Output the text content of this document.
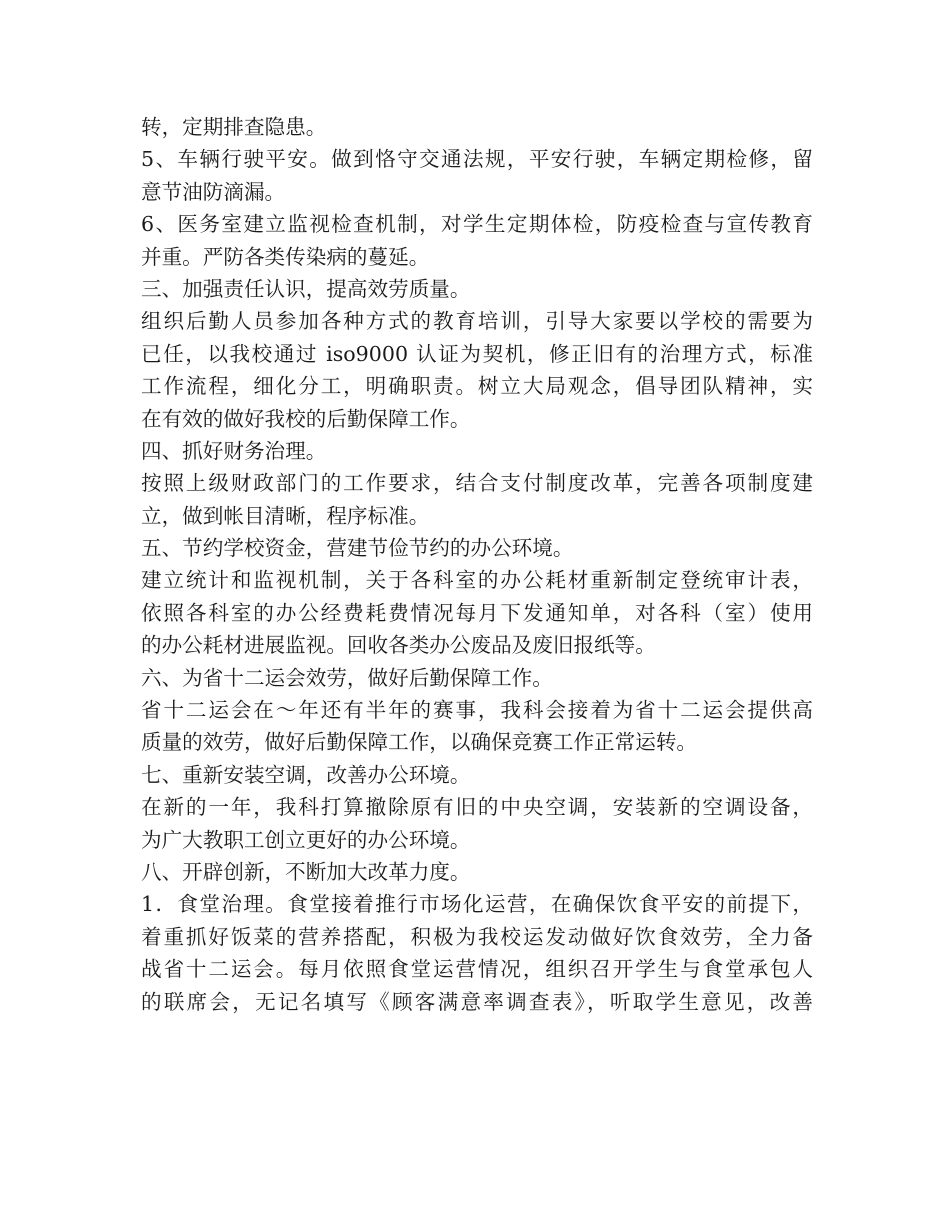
转，定期排查隐患。
5、车辆行驶平安。做到恪守交通法规，平安行驶，车辆定期检修，留
意节油防滴漏。
6、医务室建立监视检查机制，对学生定期体检，防疫检查与宣传教育
并重。严防各类传染病的蔓延。
三、加强责任认识，提高效劳质量。
组织后勤人员参加各种方式的教育培训，引导大家要以学校的需要为
已任，以我校通过 iso9000 认证为契机，修正旧有的治理方式，标准
工作流程，细化分工，明确职责。树立大局观念，倡导团队精神，实
在有效的做好我校的后勤保障工作。
四、抓好财务治理。
按照上级财政部门的工作要求，结合支付制度改革，完善各项制度建
立，做到帐目清晰，程序标准。
五、节约学校资金，营建节俭节约的办公环境。
建立统计和监视机制，关于各科室的办公耗材重新制定登统审计表，
依照各科室的办公经费耗费情况每月下发通知单，对各科（室）使用
的办公耗材进展监视。回收各类办公废品及废旧报纸等。
六、为省十二运会效劳，做好后勤保障工作。
省十二运会在～年还有半年的赛事，我科会接着为省十二运会提供高
质量的效劳，做好后勤保障工作，以确保竞赛工作正常运转。
七、重新安装空调，改善办公环境。
在新的一年，我科打算撤除原有旧的中央空调，安装新的空调设备，
为广大教职工创立更好的办公环境。
八、开辟创新，不断加大改革力度。
1．食堂治理。食堂接着推行市场化运营，在确保饮食平安的前提下，
着重抓好饭菜的营养搭配，积极为我校运发动做好饮食效劳，全力备
战省十二运会。每月依照食堂运营情况，组织召开学生与食堂承包人
的联席会，无记名填写《顾客满意率调查表》，听取学生意见，改善
